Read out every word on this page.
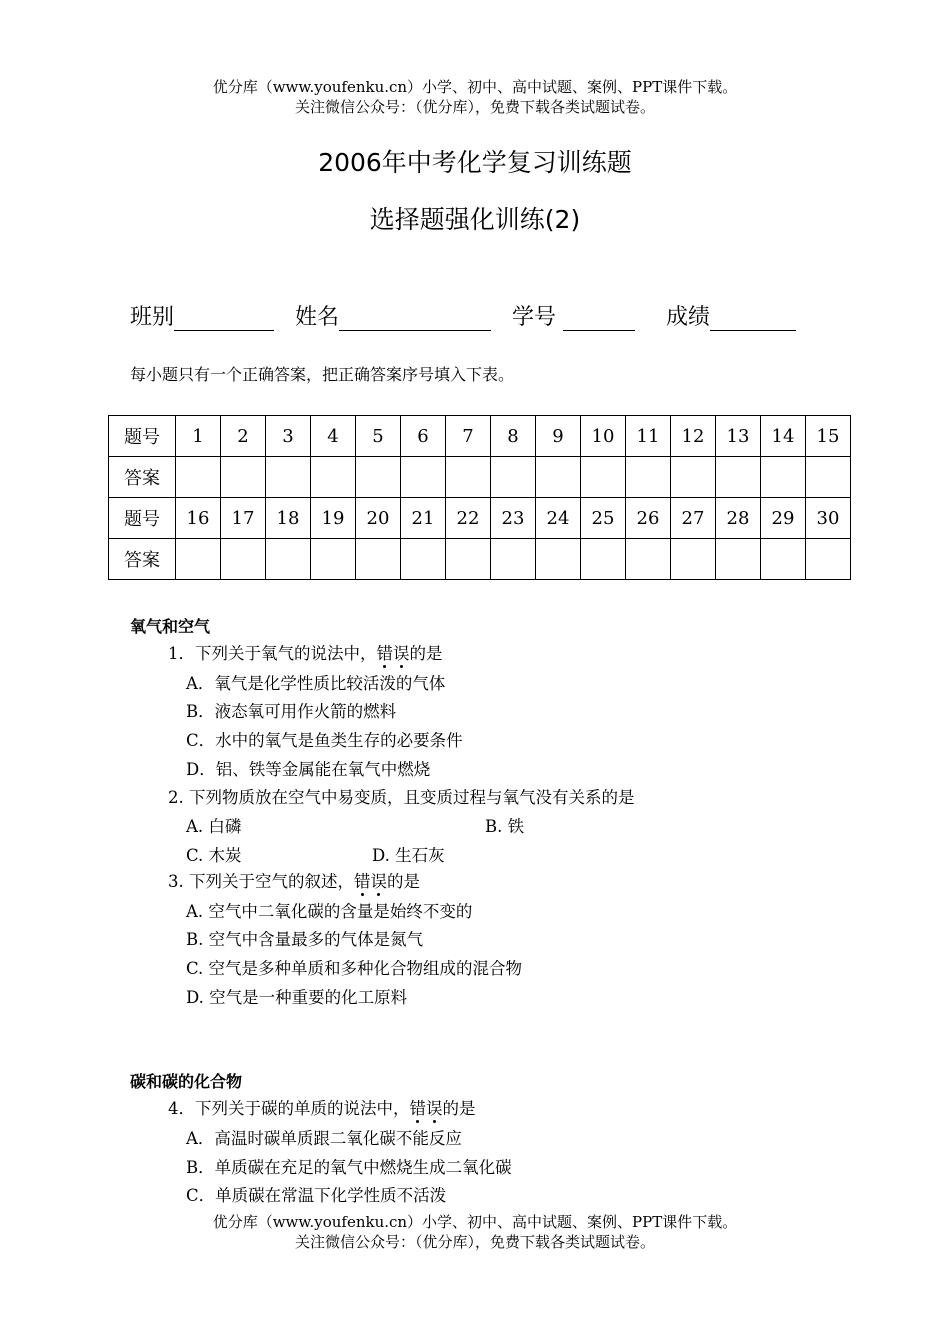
优分库（www.youfenku.cn）小学、初中、高中试题、案例、PPT课件下载。
关注微信公众号：（优分库），免费下载各类试题试卷。
2006年中考化学复习训练题
选择题强化训练(2)
班别	姓名	学号	成绩
每小题只有一个正确答案，把正确答案序号填入下表。
题号	1	2	3	4	5	6	7	8	9	10	11	12	13	14	15
答案															
题号	16	17	18	19	20	21	22	23	24	25	26	27	28	29	30
答案															
氧气和空气
1．下列关于氧气的说法中，错误的是
A．氧气是化学性质比较活泼的气体
B．液态氧可用作火箭的燃料
C．水中的氧气是鱼类生存的必要条件
D．铝、铁等金属能在氧气中燃烧
2. 下列物质放在空气中易变质，且变质过程与氧气没有关系的是
A. 白磷	B. 铁
C. 木炭	D. 生石灰
3. 下列关于空气的叙述，错误的是
A. 空气中二氧化碳的含量是始终不变的
B. 空气中含量最多的气体是氮气
C. 空气是多种单质和多种化合物组成的混合物
D. 空气是一种重要的化工原料
碳和碳的化合物
4．下列关于碳的单质的说法中，错误的是
A．高温时碳单质跟二氧化碳不能反应
B．单质碳在充足的氧气中燃烧生成二氧化碳
C．单质碳在常温下化学性质不活泼
优分库（www.youfenku.cn）小学、初中、高中试题、案例、PPT课件下载。
关注微信公众号：（优分库），免费下载各类试题试卷。
